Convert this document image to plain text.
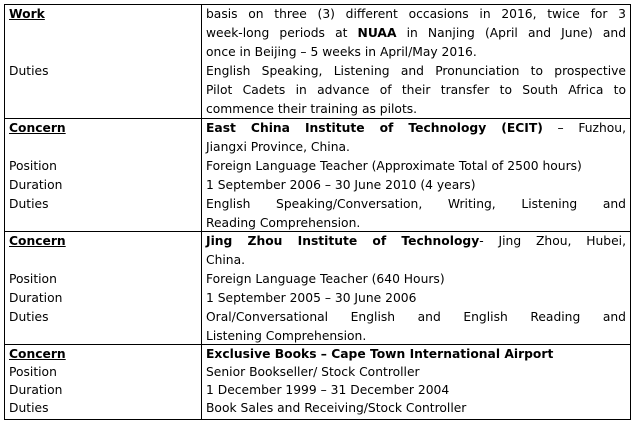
Work	basis on three (3) different occasions in 2016, twice for 3
week-long periods at NUAA in Nanjing (April and June) and
once in Beijing – 5 weeks in April/May 2016.
Duties	English Speaking, Listening and Pronunciation to prospective
Pilot Cadets in advance of their transfer to South Africa to
commence their training as pilots.
Concern	East China Institute of Technology (ECIT) – Fuzhou,
Jiangxi Province, China.
Position	Foreign Language Teacher (Approximate Total of 2500 hours)
Duration	1 September 2006 – 30 June 2010 (4 years)
Duties	English Speaking/Conversation, Writing, Listening and
Reading Comprehension.
Concern	Jing Zhou Institute of Technology- Jing Zhou, Hubei,
China.
Position	Foreign Language Teacher (640 Hours)
Duration	1 September 2005 – 30 June 2006
Duties	Oral/Conversational English and English Reading and
Listening Comprehension.
Concern	Exclusive Books – Cape Town International Airport
Position	Senior Bookseller/ Stock Controller
Duration	1 December 1999 – 31 December 2004
Duties	Book Sales and Receiving/Stock Controller
